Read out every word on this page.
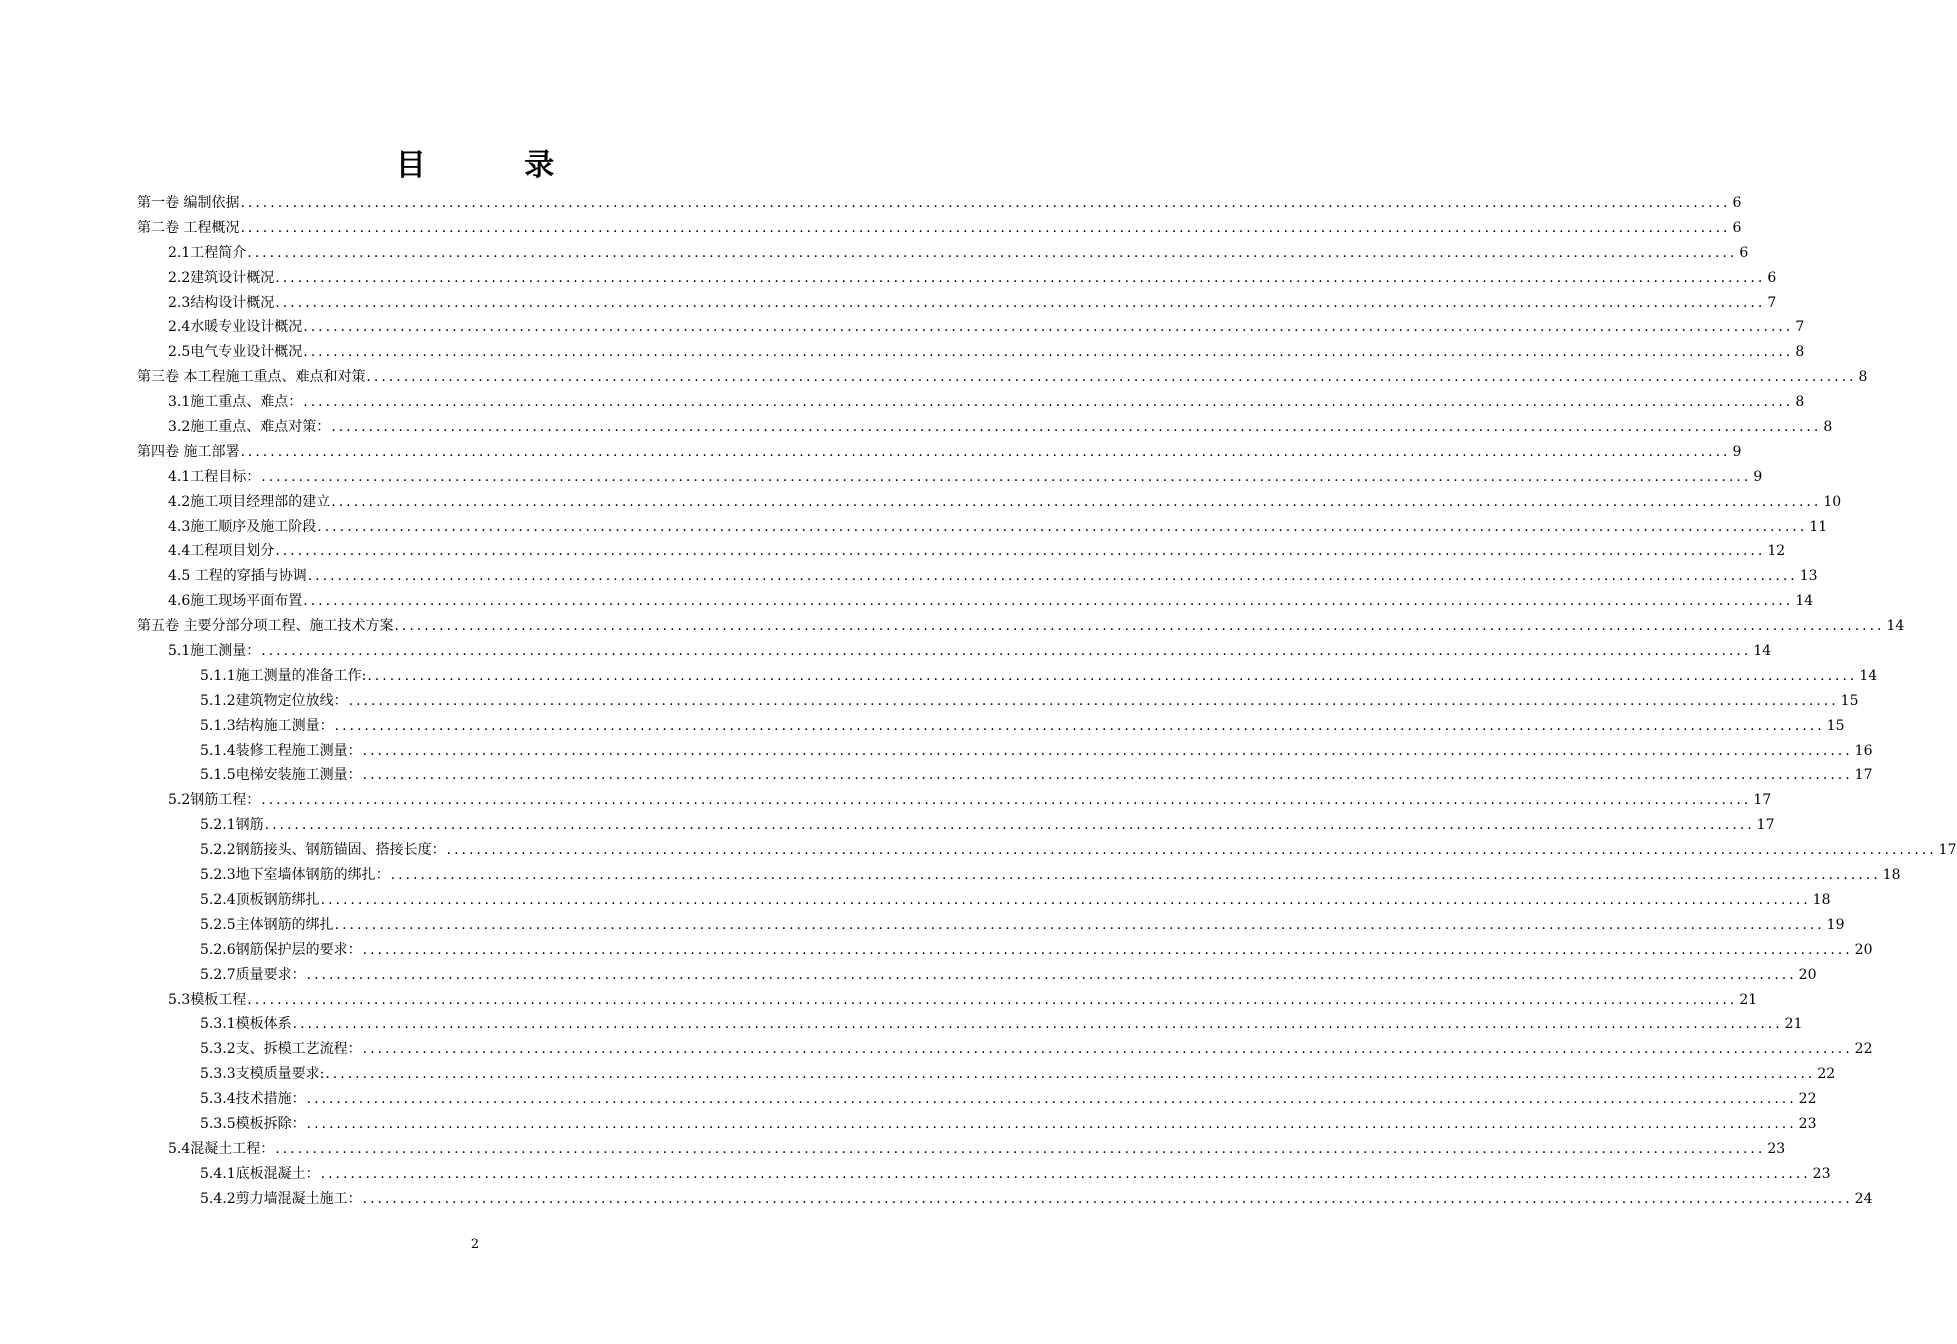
目 录
第一卷 编制依据 ........................................................................................................................................................................................................ 6
第二卷 工程概况 ........................................................................................................................................................................................................ 6
2.1工程简介 ........................................................................................................................................................................................................ 6
2.2建筑设计概况 ........................................................................................................................................................................................................ 6
2.3结构设计概况 ........................................................................................................................................................................................................ 7
2.4水暖专业设计概况 ........................................................................................................................................................................................................ 7
2.5电气专业设计概况 ........................................................................................................................................................................................................ 8
第三卷 本工程施工重点、难点和对策 ........................................................................................................................................................................................................ 8
3.1施工重点、难点： ........................................................................................................................................................................................................ 8
3.2施工重点、难点对策： ........................................................................................................................................................................................................ 8
第四卷 施工部署 ........................................................................................................................................................................................................ 9
4.1工程目标： ........................................................................................................................................................................................................ 9
4.2施工项目经理部的建立 ........................................................................................................................................................................................................ 10
4.3施工顺序及施工阶段 ........................................................................................................................................................................................................ 11
4.4工程项目划分 ........................................................................................................................................................................................................ 12
4.5 工程的穿插与协调 ........................................................................................................................................................................................................ 13
4.6施工现场平面布置 ........................................................................................................................................................................................................ 14
第五卷 主要分部分项工程、施工技术方案 ........................................................................................................................................................................................................ 14
5.1施工测量： ........................................................................................................................................................................................................ 14
5.1.1施工测量的准备工作: ........................................................................................................................................................................................................ 14
5.1.2建筑物定位放线： ........................................................................................................................................................................................................ 15
5.1.3结构施工测量： ........................................................................................................................................................................................................ 15
5.1.4装修工程施工测量： ........................................................................................................................................................................................................ 16
5.1.5电梯安装施工测量： ........................................................................................................................................................................................................ 17
5.2钢筋工程： ........................................................................................................................................................................................................ 17
5.2.1钢筋 ........................................................................................................................................................................................................ 17
5.2.2钢筋接头、钢筋锚固、搭接长度： ........................................................................................................................................................................................................ 17
5.2.3地下室墙体钢筋的绑扎： ........................................................................................................................................................................................................ 18
5.2.4顶板钢筋绑扎 ........................................................................................................................................................................................................ 18
5.2.5主体钢筋的绑扎 ........................................................................................................................................................................................................ 19
5.2.6钢筋保护层的要求： ........................................................................................................................................................................................................ 20
5.2.7质量要求： ........................................................................................................................................................................................................ 20
5.3模板工程 ........................................................................................................................................................................................................ 21
5.3.1模板体系 ........................................................................................................................................................................................................ 21
5.3.2支、拆模工艺流程： ........................................................................................................................................................................................................ 22
5.3.3支模质量要求: ........................................................................................................................................................................................................ 22
5.3.4技术措施： ........................................................................................................................................................................................................ 22
5.3.5模板拆除： ........................................................................................................................................................................................................ 23
5.4混凝土工程： ........................................................................................................................................................................................................ 23
5.4.1底板混凝土： ........................................................................................................................................................................................................ 23
5.4.2剪力墙混凝土施工： ........................................................................................................................................................................................................ 24
2
